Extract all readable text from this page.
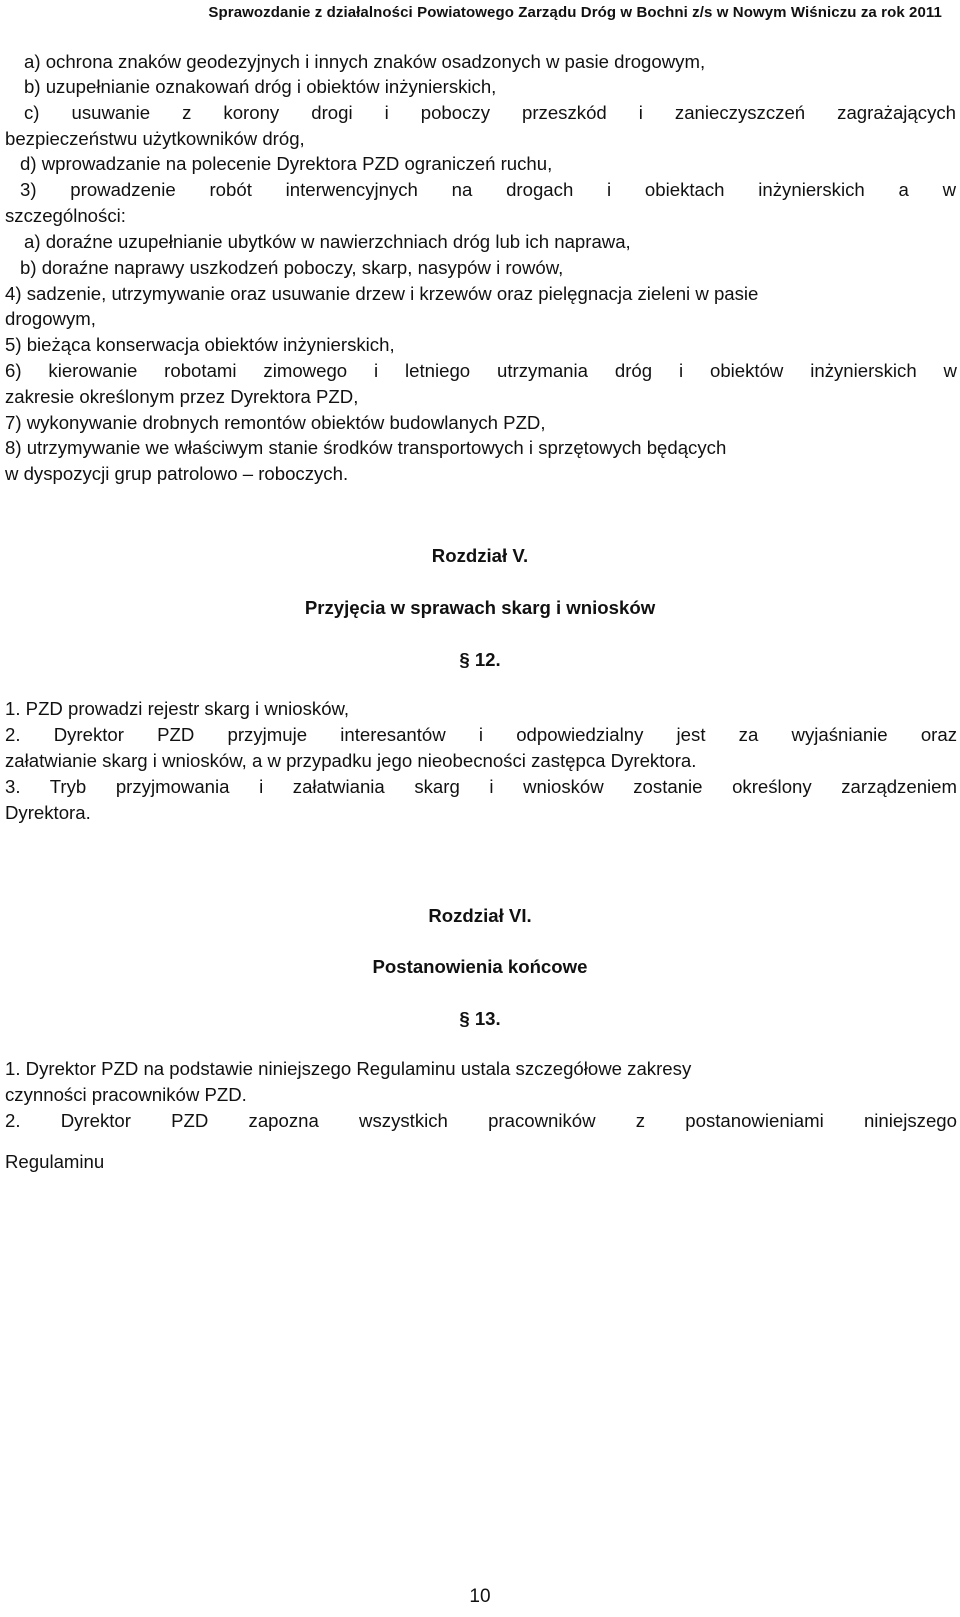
Sprawozdanie z działalności Powiatowego Zarządu Dróg w Bochni z/s w Nowym Wiśniczu za rok 2011
a) ochrona znaków geodezyjnych i innych znaków osadzonych w pasie drogowym,
b) uzupełnianie oznakowań dróg i obiektów inżynierskich,
c) usuwanie z korony drogi i poboczy przeszkód i zanieczyszczeń zagrażających
bezpieczeństwu użytkowników dróg,
d) wprowadzanie na polecenie Dyrektora PZD ograniczeń ruchu,
3) prowadzenie robót interwencyjnych na drogach i obiektach inżynierskich a w
szczególności:
a) doraźne uzupełnianie ubytków w nawierzchniach dróg lub ich naprawa,
b) doraźne naprawy uszkodzeń poboczy, skarp, nasypów i rowów,
4) sadzenie, utrzymywanie oraz usuwanie drzew i krzewów oraz pielęgnacja zieleni w pasie
drogowym,
5) bieżąca konserwacja obiektów inżynierskich,
6) kierowanie robotami zimowego i letniego utrzymania dróg i obiektów inżynierskich w
zakresie określonym przez Dyrektora PZD,
7) wykonywanie drobnych remontów obiektów budowlanych PZD,
8) utrzymywanie we właściwym stanie środków transportowych i sprzętowych będących
w dyspozycji grup patrolowo – roboczych.
Rozdział V.
Przyjęcia w sprawach skarg i wniosków
§ 12.
1. PZD prowadzi rejestr skarg i wniosków,
2. Dyrektor PZD przyjmuje interesantów i odpowiedzialny jest za wyjaśnianie oraz
załatwianie skarg i wniosków, a w przypadku jego nieobecności zastępca Dyrektora.
3. Tryb przyjmowania i załatwiania skarg i wniosków zostanie określony zarządzeniem
Dyrektora.
Rozdział VI.
Postanowienia końcowe
§ 13.
1. Dyrektor PZD na podstawie niniejszego Regulaminu ustala szczegółowe zakresy
czynności pracowników PZD.
2. Dyrektor PZD zapozna wszystkich pracowników z postanowieniami niniejszego
Regulaminu
10
